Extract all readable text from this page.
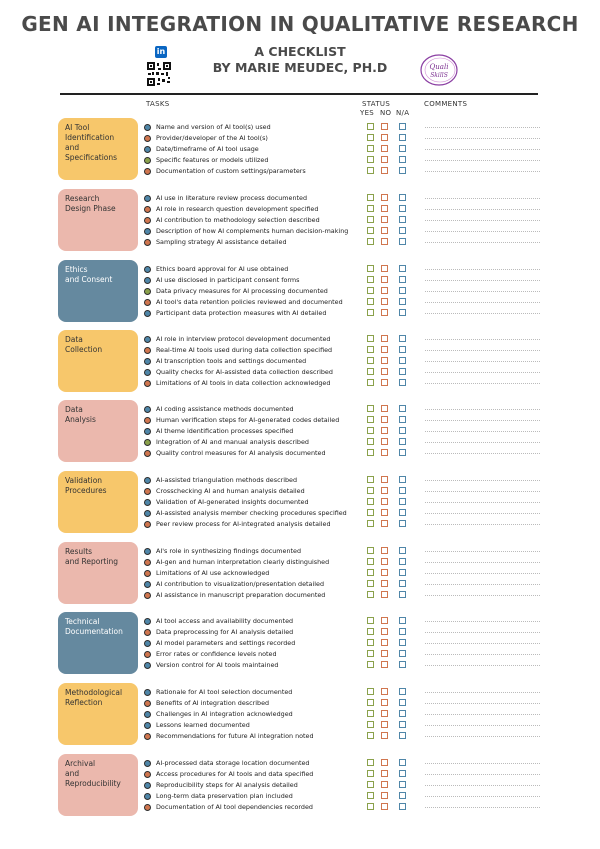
GEN AI INTEGRATION IN QUALITATIVE RESEARCH
A CHECKLIST
BY MARIE MEUDEC, PH.D
in
Quali
SkillS
TASKS	STATUS
YES NO N/A
COMMENTS
AI Tool
Identification
and
Specifications
Name and version of AI tool(s) used
Provider/developer of the AI tool(s)
Date/timeframe of AI tool usage
Specific features or models utilized
Documentation of custom settings/parameters
Research
Design Phase
AI use in literature review process documented
AI role in research question development specified
AI contribution to methodology selection described
Description of how AI complements human decision-making
Sampling strategy AI assistance detailed
Ethics
and Consent
Ethics board approval for AI use obtained
AI use disclosed in participant consent forms
Data privacy measures for AI processing documented
AI tool's data retention policies reviewed and documented
Participant data protection measures with AI detailed
Data
Collection
AI role in interview protocol development documented
Real-time AI tools used during data collection specified
AI transcription tools and settings documented
Quality checks for AI-assisted data collection described
Limitations of AI tools in data collection acknowledged
Data
Analysis
AI coding assistance methods documented
Human verification steps for AI-generated codes detailed
AI theme identification processes specified
Integration of AI and manual analysis described
Quality control measures for AI analysis documented
Validation
Procedures
AI-assisted triangulation methods described
Crosschecking AI and human analysis detailed
Validation of AI-generated insights documented
AI-assisted analysis member checking procedures specified
Peer review process for AI-integrated analysis detailed
Results
and Reporting
AI's role in synthesizing findings documented
AI-gen and human interpretation clearly distinguished
Limitations of AI use acknowledged
AI contribution to visualization/presentation detailed
AI assistance in manuscript preparation documented
Technical
Documentation
AI tool access and availability documented
Data preprocessing for AI analysis detailed
AI model parameters and settings recorded
Error rates or confidence levels noted
Version control for AI tools maintained
Methodological
Reflection
Rationale for AI tool selection documented
Benefits of AI integration described
Challenges in AI integration acknowledged
Lessons learned documented
Recommendations for future AI integration noted
Archival
and
Reproducibility
AI-processed data storage location documented
Access procedures for AI tools and data specified
Reproducibility steps for AI analysis detailed
Long-term data preservation plan included
Documentation of AI tool dependencies recorded
